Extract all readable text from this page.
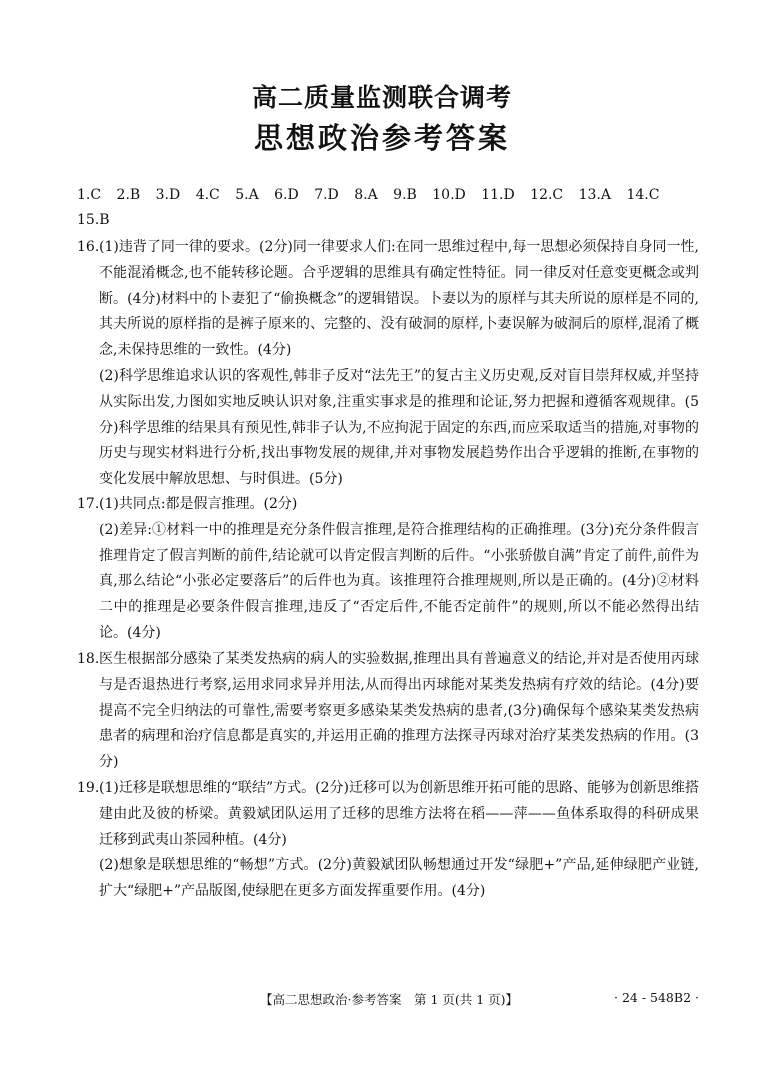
高二质量监测联合调考
思想政治参考答案
1.C 2.B 3.D 4.C 5.A 6.D 7.D 8.A 9.B 10.D 11.D 12.C 13.A 14.C
15.B
16. (1)违背了同一律的要求。(2分)同一律要求人们:在同一思维过程中,每一思想必须保持自身同一性,不能混淆概念,也不能转移论题。合乎逻辑的思维具有确定性特征。同一律反对任意变更概念或判断。(4分)材料中的卜妻犯了“偷换概念”的逻辑错误。卜妻以为的原样与其夫所说的原样是不同的,其夫所说的原样指的是裤子原来的、完整的、没有破洞的原样,卜妻误解为破洞后的原样,混淆了概念,未保持思维的一致性。(4分)

(2)科学思维追求认识的客观性,韩非子反对“法先王”的复古主义历史观,反对盲目崇拜权威,并坚持从实际出发,力图如实地反映认识对象,注重实事求是的推理和论证,努力把握和遵循客观规律。(5分)科学思维的结果具有预见性,韩非子认为,不应拘泥于固定的东西,而应采取适当的措施,对事物的历史与现实材料进行分析,找出事物发展的规律,并对事物发展趋势作出合乎逻辑的推断,在事物的变化发展中解放思想、与时俱进。(5分)

17. (1)共同点:都是假言推理。(2分)

(2)差异:①材料一中的推理是充分条件假言推理,是符合推理结构的正确推理。(3分)充分条件假言推理肯定了假言判断的前件,结论就可以肯定假言判断的后件。“小张骄傲自满”肯定了前件,前件为真,那么结论“小张必定要落后”的后件也为真。该推理符合推理规则,所以是正确的。(4分)②材料二中的推理是必要条件假言推理,违反了“否定后件,不能否定前件”的规则,所以不能必然得出结论。(4分)

18. 医生根据部分感染了某类发热病的病人的实验数据,推理出具有普遍意义的结论,并对是否使用丙球与是否退热进行考察,运用求同求异并用法,从而得出丙球能对某类发热病有疗效的结论。(4分)要提高不完全归纳法的可靠性,需要考察更多感染某类发热病的患者,(3分)确保每个感染某类发热病患者的病理和治疗信息都是真实的,并运用正确的推理方法探寻丙球对治疗某类发热病的作用。(3分)

19. (1)迁移是联想思维的“联结”方式。(2分)迁移可以为创新思维开拓可能的思路、能够为创新思维搭建由此及彼的桥梁。黄毅斌团队运用了迁移的思维方法将在稻——萍——鱼体系取得的科研成果迁移到武夷山茶园种植。(4分)

(2)想象是联想思维的“畅想”方式。(2分)黄毅斌团队畅想通过开发“绿肥+”产品,延伸绿肥产业链,扩大“绿肥+”产品版图,使绿肥在更多方面发挥重要作用。(4分)

【高二思想政治·参考答案　第 1 页(共 1 页)】	· 24 - 548B2 ·
